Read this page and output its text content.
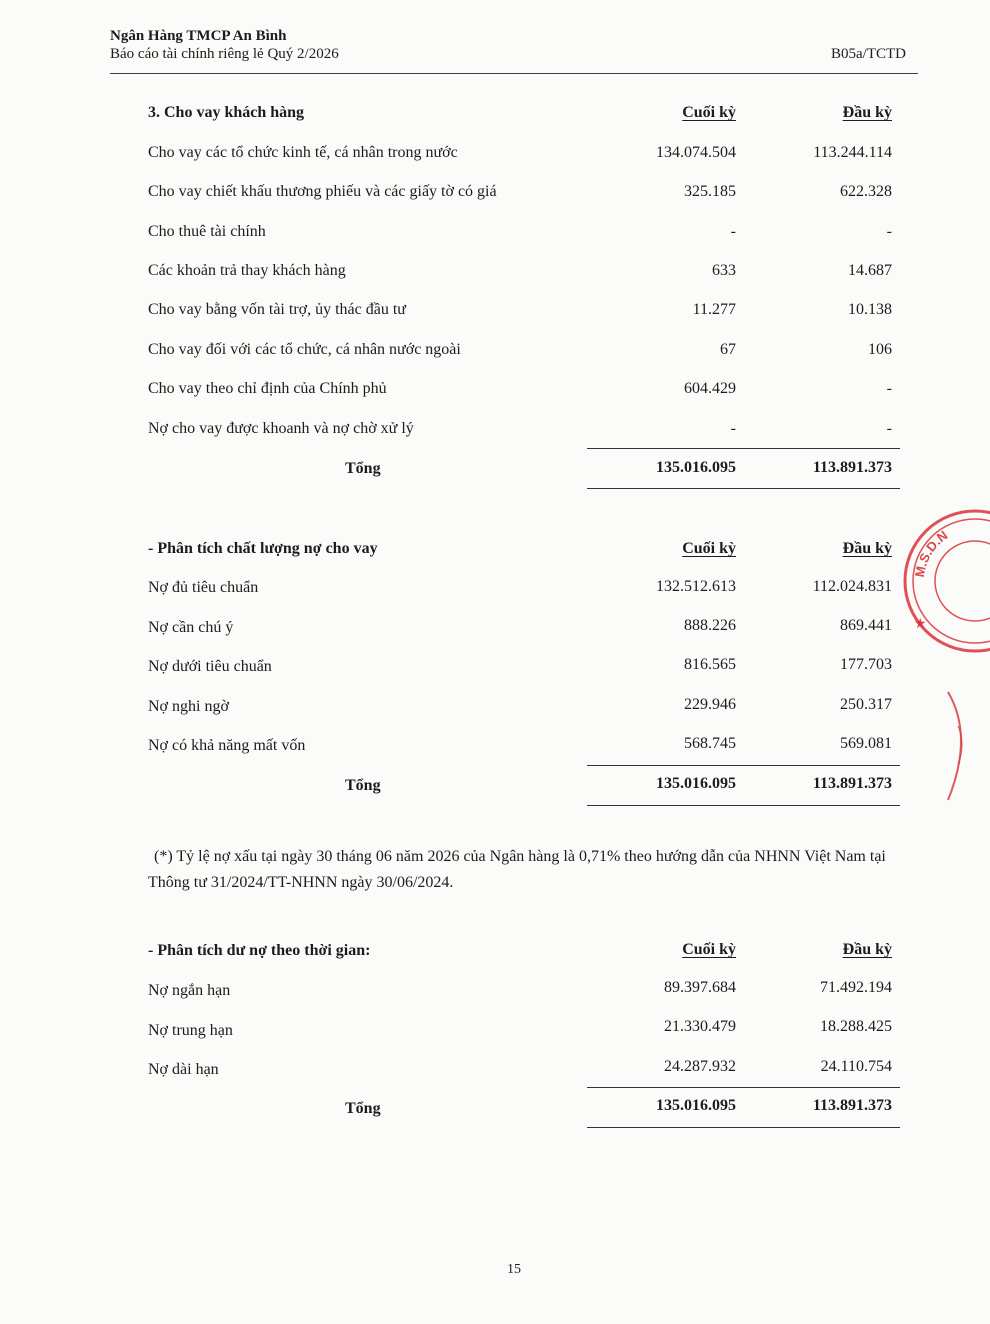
Ngân Hàng TMCP An Bình
Báo cáo tài chính riêng lẻ Quý 2/2026	B05a/TCTD
3. Cho vay khách hàng	Cuối kỳ	Đầu kỳ
Cho vay các tổ chức kinh tế, cá nhân trong nước	134.074.504	113.244.114
Cho vay chiết khấu thương phiếu và các giấy tờ có giá	325.185	622.328
Cho thuê tài chính	-	-
Các khoản trả thay khách hàng	633	14.687
Cho vay bằng vốn tài trợ, ủy thác đầu tư	11.277	10.138
Cho vay đối với các tổ chức, cá nhân nước ngoài	67	106
Cho vay theo chỉ định của Chính phủ	604.429	-
Nợ cho vay được khoanh và nợ chờ xử lý	-	-
Tổng	135.016.095	113.891.373
- Phân tích chất lượng nợ cho vay	Cuối kỳ	Đầu kỳ
Nợ đủ tiêu chuẩn	132.512.613	112.024.831
Nợ cần chú ý	888.226	869.441
Nợ dưới tiêu chuẩn	816.565	177.703
Nợ nghi ngờ	229.946	250.317
Nợ có khả năng mất vốn	568.745	569.081
Tổng	135.016.095	113.891.373
(*) Tỷ lệ nợ xấu tại ngày 30 tháng 06 năm 2026 của Ngân hàng là 0,71% theo hướng dẫn của NHNN Việt Nam tại Thông tư 31/2024/TT-NHNN ngày 30/06/2024.
- Phân tích dư nợ theo thời gian:	Cuối kỳ	Đầu kỳ
Nợ ngắn hạn	89.397.684	71.492.194
Nợ trung hạn	21.330.479	18.288.425
Nợ dài hạn	24.287.932	24.110.754
Tổng	135.016.095	113.891.373
15
M.S.D.N
★
